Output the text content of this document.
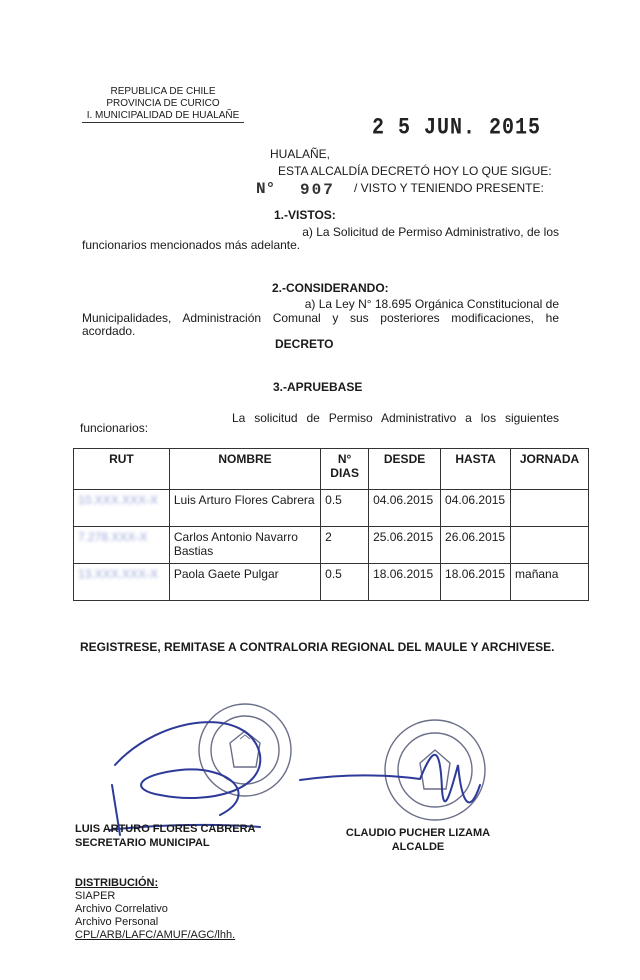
REPUBLICA DE CHILE
PROVINCIA DE CURICO
I. MUNICIPALIDAD DE HUALAÑE	2 5 JUN. 2015
HUALAÑE,
ESTA ALCALDÍA DECRETÓ HOY LO QUE SIGUE:
N° 907 / VISTO Y TENIENDO PRESENTE:
1.-VISTOS:
a) La Solicitud de Permiso Administrativo, de los
funcionarios mencionados más adelante.
2.-CONSIDERANDO:
a) La Ley N° 18.695 Orgánica Constitucional de
Municipalidades, Administración Comunal y sus posteriores modificaciones, he
acordado.
DECRETO
3.-APRUEBASE
La solicitud de Permiso Administrativo a los siguientes
funcionarios:
RUT	NOMBRE	N° DIAS	DESDE	HASTA	JORNADA
10.XXX.XXX-X	Luis Arturo Flores Cabrera	0.5	04.06.2015	04.06.2015	
7.278.XXX-X	Carlos Antonio Navarro Bastias	2	25.06.2015	26.06.2015	
13.XXX.XXX-X	Paola Gaete Pulgar	0.5	18.06.2015	18.06.2015	mañana
REGISTRESE, REMITASE A CONTRALORIA REGIONAL DEL MAULE Y ARCHIVESE.
LUIS ARTURO FLORES CABRERA
SECRETARIO MUNICIPAL
CLAUDIO PUCHER LIZAMA
ALCALDE
DISTRIBUCIÓN:
SIAPER
Archivo Correlativo
Archivo Personal
CPL/ARB/LAFC/AMUF/AGC/lhh.
